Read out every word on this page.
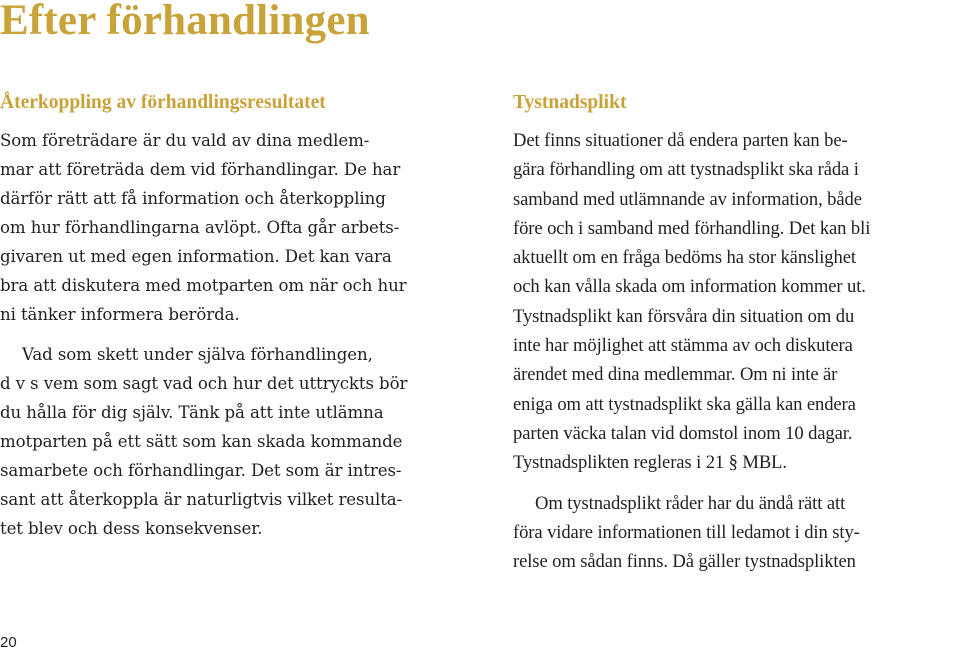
Efter förhandlingen
Återkoppling av förhandlingsresultatet

Som företrädare är du vald av dina medlem-
mar att företräda dem vid förhandlingar. De har
därför rätt att få information och återkoppling
om hur förhandlingarna avlöpt. Ofta går arbets-
givaren ut med egen information. Det kan vara
bra att diskutera med motparten om när och hur
ni tänker informera berörda.

Vad som skett under själva förhandlingen,
d v s vem som sagt vad och hur det uttryckts bör
du hålla för dig själv. Tänk på att inte utlämna
motparten på ett sätt som kan skada kommande
samarbete och förhandlingar. Det som är intres-
sant att återkoppla är naturligtvis vilket resulta-
tet blev och dess konsekvenser.

Tystnadsplikt

Det finns situationer då endera parten kan be-
gära förhandling om att tystnadsplikt ska råda i
samband med utlämnande av information, både
före och i samband med förhandling. Det kan bli
aktuellt om en fråga bedöms ha stor känslighet
och kan vålla skada om information kommer ut.
Tystnadsplikt kan försvåra din situation om du
inte har möjlighet att stämma av och diskutera
ärendet med dina medlemmar. Om ni inte är
eniga om att tystnadsplikt ska gälla kan endera
parten väcka talan vid domstol inom 10 dagar.
Tystnadsplikten regleras i 21 § MBL.

Om tystnadsplikt råder har du ändå rätt att
föra vidare informationen till ledamot i din sty-
relse om sådan finns. Då gäller tystnadsplikten

20
